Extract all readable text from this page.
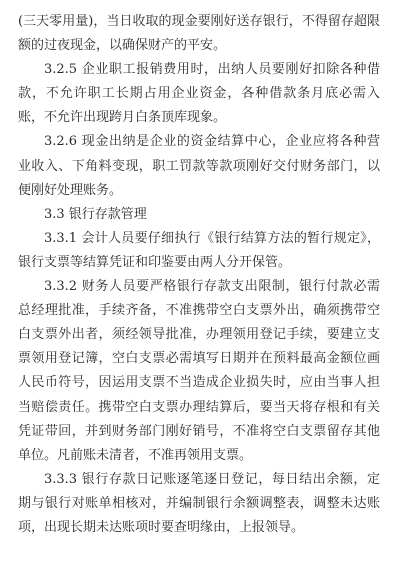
(三天零用量)，当日收取的现金要刚好送存银行，不得留存超限额的过夜现金，以确保财产的平安。

3.2.5 企业职工报销费用时，出纳人员要刚好扣除各种借款，不允许职工长期占用企业资金，各种借款条月底必需入账，不允许出现跨月白条顶库现象。

3.2.6 现金出纳是企业的资金结算中心，企业应将各种营业收入、下角料变现，职工罚款等款项刚好交付财务部门，以便刚好处理账务。

3.3 银行存款管理

3.3.1 会计人员要仔细执行《银行结算方法的暂行规定》，银行支票等结算凭证和印鉴要由两人分开保管。

3.3.2 财务人员要严格银行存款支出限制，银行付款必需总经理批准，手续齐备，不准携带空白支票外出，确须携带空白支票外出者，须经领导批准，办理领用登记手续，要建立支票领用登记簿，空白支票必需填写日期并在预料最高金额位画人民币符号，因运用支票不当造成企业损失时，应由当事人担当赔偿责任。携带空白支票办理结算后，要当天将存根和有关凭证带回，并到财务部门刚好销号，不准将空白支票留存其他单位。凡前账未清者，不准再领用支票。

3.3.3 银行存款日记账逐笔逐日登记，每日结出余额，定期与银行对账单相核对，并编制银行余额调整表，调整未达账项，出现长期未达账项时要查明缘由，上报领导。
